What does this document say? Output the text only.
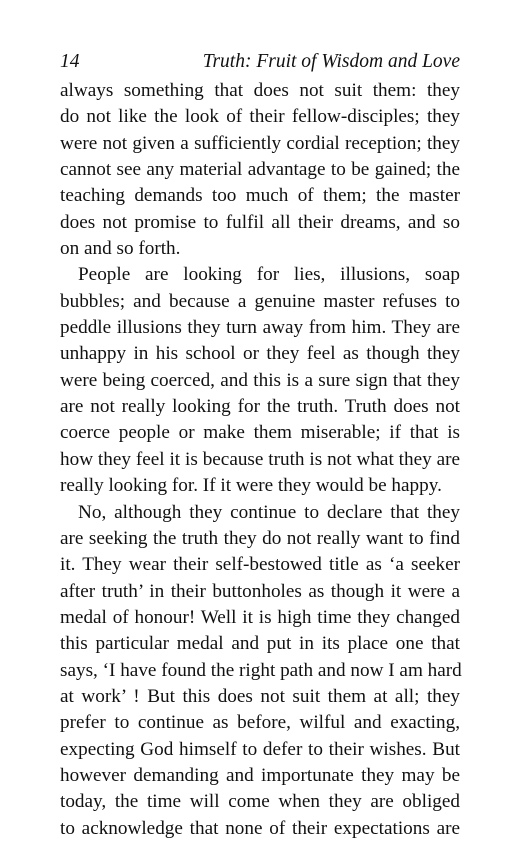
14	Truth: Fruit of Wisdom and Love
always something that does not suit them: they
do not like the look of their fellow-disciples; they
were not given a sufficiently cordial reception; they
cannot see any material advantage to be gained; the
teaching demands too much of them; the master
does not promise to fulfil all their dreams, and so
on and so forth.
People are looking for lies, illusions, soap
bubbles; and because a genuine master refuses to
peddle illusions they turn away from him. They are
unhappy in his school or they feel as though they
were being coerced, and this is a sure sign that they
are not really looking for the truth. Truth does not
coerce people or make them miserable; if that is
how they feel it is because truth is not what they are
really looking for. If it were they would be happy.
No, although they continue to declare that they
are seeking the truth they do not really want to find
it. They wear their self-bestowed title as ‘a seeker
after truth’ in their buttonholes as though it were a
medal of honour! Well it is high time they changed
this particular medal and put in its place one that
says, ‘I have found the right path and now I am hard
at work’ ! But this does not suit them at all; they
prefer to continue as before, wilful and exacting,
expecting God himself to defer to their wishes. But
however demanding and importunate they may be
today, the time will come when they are obliged
to acknowledge that none of their expectations are
